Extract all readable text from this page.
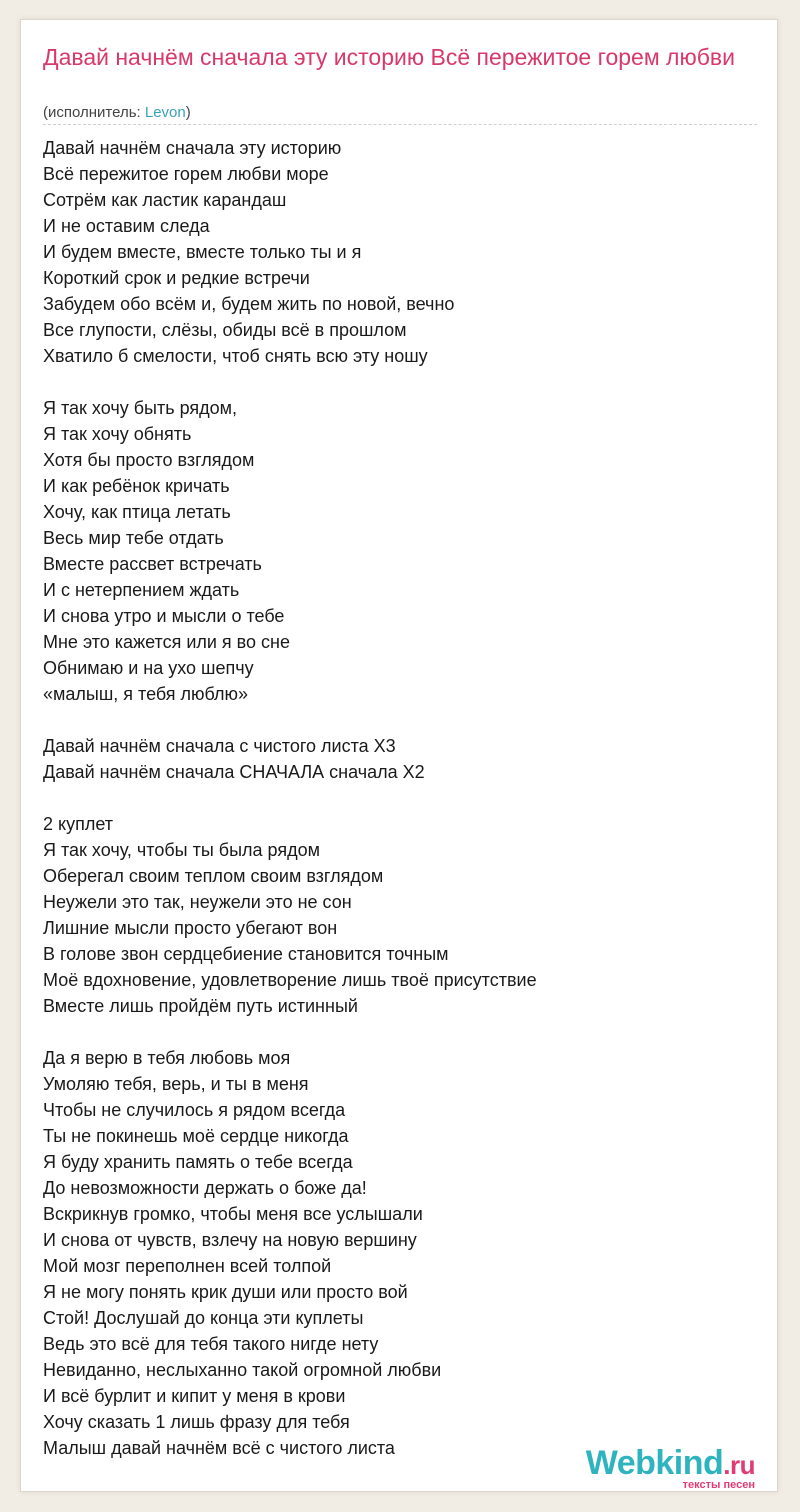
Давай начнём сначала эту историю Всё пережитое горем любви
(исполнитель: Levon)
Давай начнём сначала эту историю
Всё пережитое горем любви море
Сотрём как ластик карандаш
И не оставим следа
И будем вместе, вместе только ты и я
Короткий срок и редкие встречи
Забудем обо всём и, будем жить по новой, вечно
Все глупости, слёзы, обиды всё в прошлом
Хватило б смелости, чтоб снять всю эту ношу
Я так хочу быть рядом,
Я так хочу обнять
Хотя бы просто взглядом
И как ребёнок кричать
Хочу, как птица летать
Весь мир тебе отдать
Вместе рассвет встречать
И с нетерпением ждать
И снова утро и мысли о тебе
Мне это кажется или я во сне
Обнимаю и на ухо шепчу
«малыш, я тебя люблю»
Давай начнём сначала с чистого листа Х3
Давай начнём сначала СНАЧАЛА сначала Х2
2 куплет
Я так хочу, чтобы ты была рядом
Оберегал своим теплом своим взглядом
Неужели это так, неужели это не сон
Лишние мысли просто убегают вон
В голове звон сердцебиение становится точным
Моё вдохновение, удовлетворение лишь твоё присутствие
Вместе лишь пройдём путь истинный
Да я верю в тебя любовь моя
Умоляю тебя, верь, и ты в меня
Чтобы не случилось я рядом всегда
Ты не покинешь моё сердце никогда
Я буду хранить память о тебе всегда
До невозможности держать о боже да!
Вскрикнув громко, чтобы меня все услышали
И снова от чувств, взлечу на новую вершину
Мой мозг переполнен всей толпой
Я не могу понять крик души или просто вой
Стой! Дослушай до конца эти куплеты
Ведь это всё для тебя такого нигде нету
Невиданно, неслыханно такой огромной любви
И всё бурлит и кипит у меня в крови
Хочу сказать 1 лишь фразу для тебя
Малыш давай начнём всё с чистого листа	Webkind.ru
тексты песен
